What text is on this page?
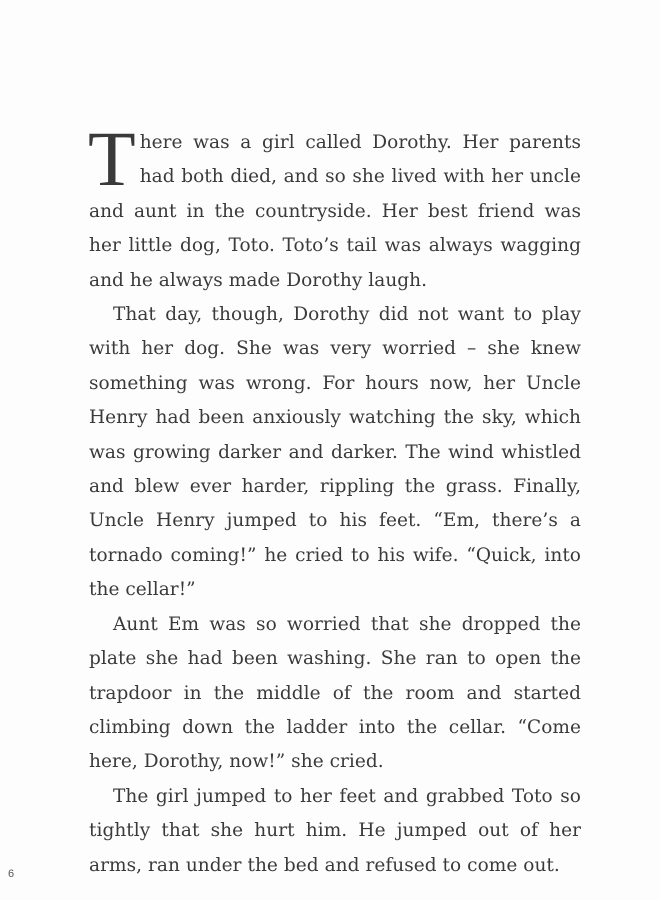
There was a girl called Dorothy. Her parents had both died, and so she lived with her uncle and aunt in the countryside. Her best friend was her little dog, Toto. Toto’s tail was always wagging and he always made Dorothy laugh.

That day, though, Dorothy did not want to play with her dog. She was very worried – she knew something was wrong. For hours now, her Uncle Henry had been anxiously watching the sky, which was growing darker and darker. The wind whistled and blew ever harder, rippling the grass. Finally, Uncle Henry jumped to his feet. “Em, there’s a tornado coming!” he cried to his wife. “Quick, into the cellar!”

Aunt Em was so worried that she dropped the plate she had been washing. She ran to open the trapdoor in the middle of the room and started climbing down the ladder into the cellar. “Come here, Dorothy, now!” she cried.

The girl jumped to her feet and grabbed Toto so tightly that she hurt him. He jumped out of her arms, ran under the bed and refused to come out.

6
